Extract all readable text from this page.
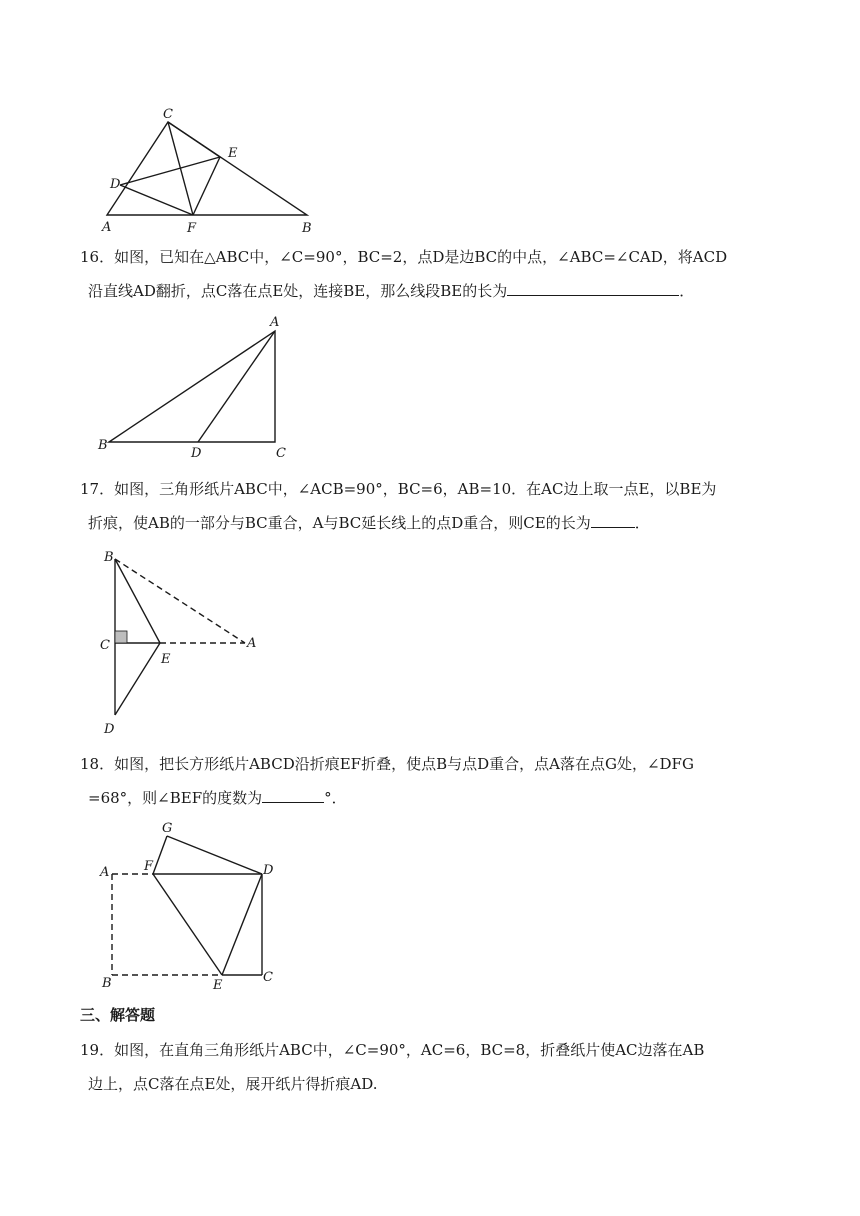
C
E
D
A	F	B
16．如图，已知在△ABC中，∠C=90°，BC=2，点D是边BC的中点，∠ABC=∠CAD，将ACD
沿直线AD翻折，点C落在点E处，连接BE，那么线段BE的长为	．
A
B
D	C
17．如图，三角形纸片ABC中，∠ACB=90°，BC=6，AB=10．在AC边上取一点E，以BE为
折痕，使AB的一部分与BC重合，A与BC延长线上的点D重合，则CE的长为	．
B
C
E
A
D
18．如图，把长方形纸片ABCD沿折痕EF折叠，使点B与点D重合，点A落在点G处，∠DFG
=68°，则∠BEF的度数为	°．
G
F
A	D
B	E
C
三、解答题
19．如图，在直角三角形纸片ABC中，∠C=90°，AC=6，BC=8，折叠纸片使AC边落在AB
边上，点C落在点E处，展开纸片得折痕AD.
